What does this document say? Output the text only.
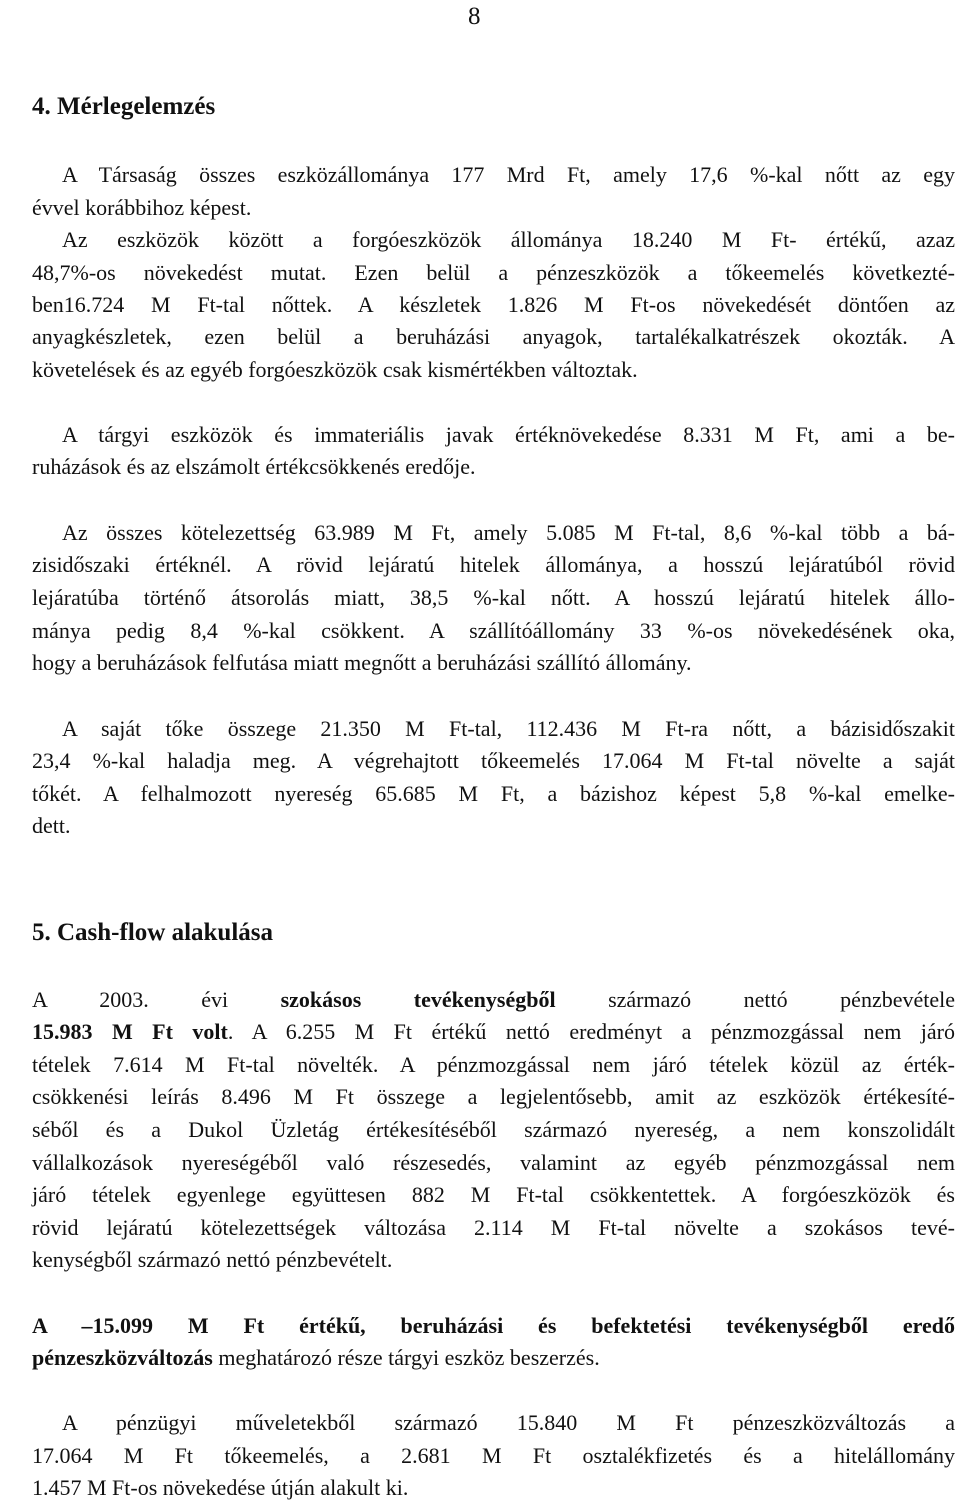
8
4. Mérlegelemzés
A Társaság összes eszközállománya 177 Mrd Ft, amely 17,6 %-kal nőtt az egy
évvel korábbihoz képest.
Az eszközök között a forgóeszközök állománya 18.240 M Ft- értékű, azaz
48,7%-os növekedést mutat. Ezen belül a pénzeszközök a tőkeemelés következté-
ben16.724 M Ft-tal nőttek. A készletek 1.826 M Ft-os növekedését döntően az
anyagkészletek, ezen belül a beruházási anyagok, tartalékalkatrészek okozták. A
követelések és az egyéb forgóeszközök csak kismértékben változtak.
A tárgyi eszközök és immateriális javak értéknövekedése 8.331 M Ft, ami a be-
ruházások és az elszámolt értékcsökkenés eredője.
Az összes kötelezettség 63.989 M Ft, amely 5.085 M Ft-tal, 8,6 %-kal több a bá-
zisidőszaki értéknél. A rövid lejáratú hitelek állománya, a hosszú lejáratúból rövid
lejáratúba történő átsorolás miatt, 38,5 %-kal nőtt. A hosszú lejáratú hitelek állo-
mánya pedig 8,4 %-kal csökkent. A szállítóállomány 33 %-os növekedésének oka,
hogy a beruházások felfutása miatt megnőtt a beruházási szállító állomány.
A saját tőke összege 21.350 M Ft-tal, 112.436 M Ft-ra nőtt, a bázisidőszakit
23,4 %-kal haladja meg. A végrehajtott tőkeemelés 17.064 M Ft-tal növelte a saját
tőkét. A felhalmozott nyereség 65.685 M Ft, a bázishoz képest 5,8 %-kal emelke-
dett.
5. Cash-flow alakulása
A 2003. évi szokásos tevékenységből származó nettó pénzbevétele
15.983 M Ft volt. A 6.255 M Ft értékű nettó eredményt a pénzmozgással nem járó
tételek 7.614 M Ft-tal növelték. A pénzmozgással nem járó tételek közül az érték-
csökkenési leírás 8.496 M Ft összege a legjelentősebb, amit az eszközök értékesíté-
séből és a Dukol Üzletág értékesítéséből származó nyereség, a nem konszolidált
vállalkozások nyereségéből való részesedés, valamint az egyéb pénzmozgással nem
járó tételek egyenlege együttesen 882 M Ft-tal csökkentettek. A forgóeszközök és
rövid lejáratú kötelezettségek változása 2.114 M Ft-tal növelte a szokásos tevé-
kenységből származó nettó pénzbevételt.
A –15.099 M Ft értékű, beruházási és befektetési tevékenységből eredő
pénzeszközváltozás meghatározó része tárgyi eszköz beszerzés.
A pénzügyi műveletekből származó 15.840 M Ft pénzeszközváltozás a
17.064 M Ft tőkeemelés, a 2.681 M Ft osztalékfizetés és a hitelállomány
1.457 M Ft-os növekedése útján alakult ki.
